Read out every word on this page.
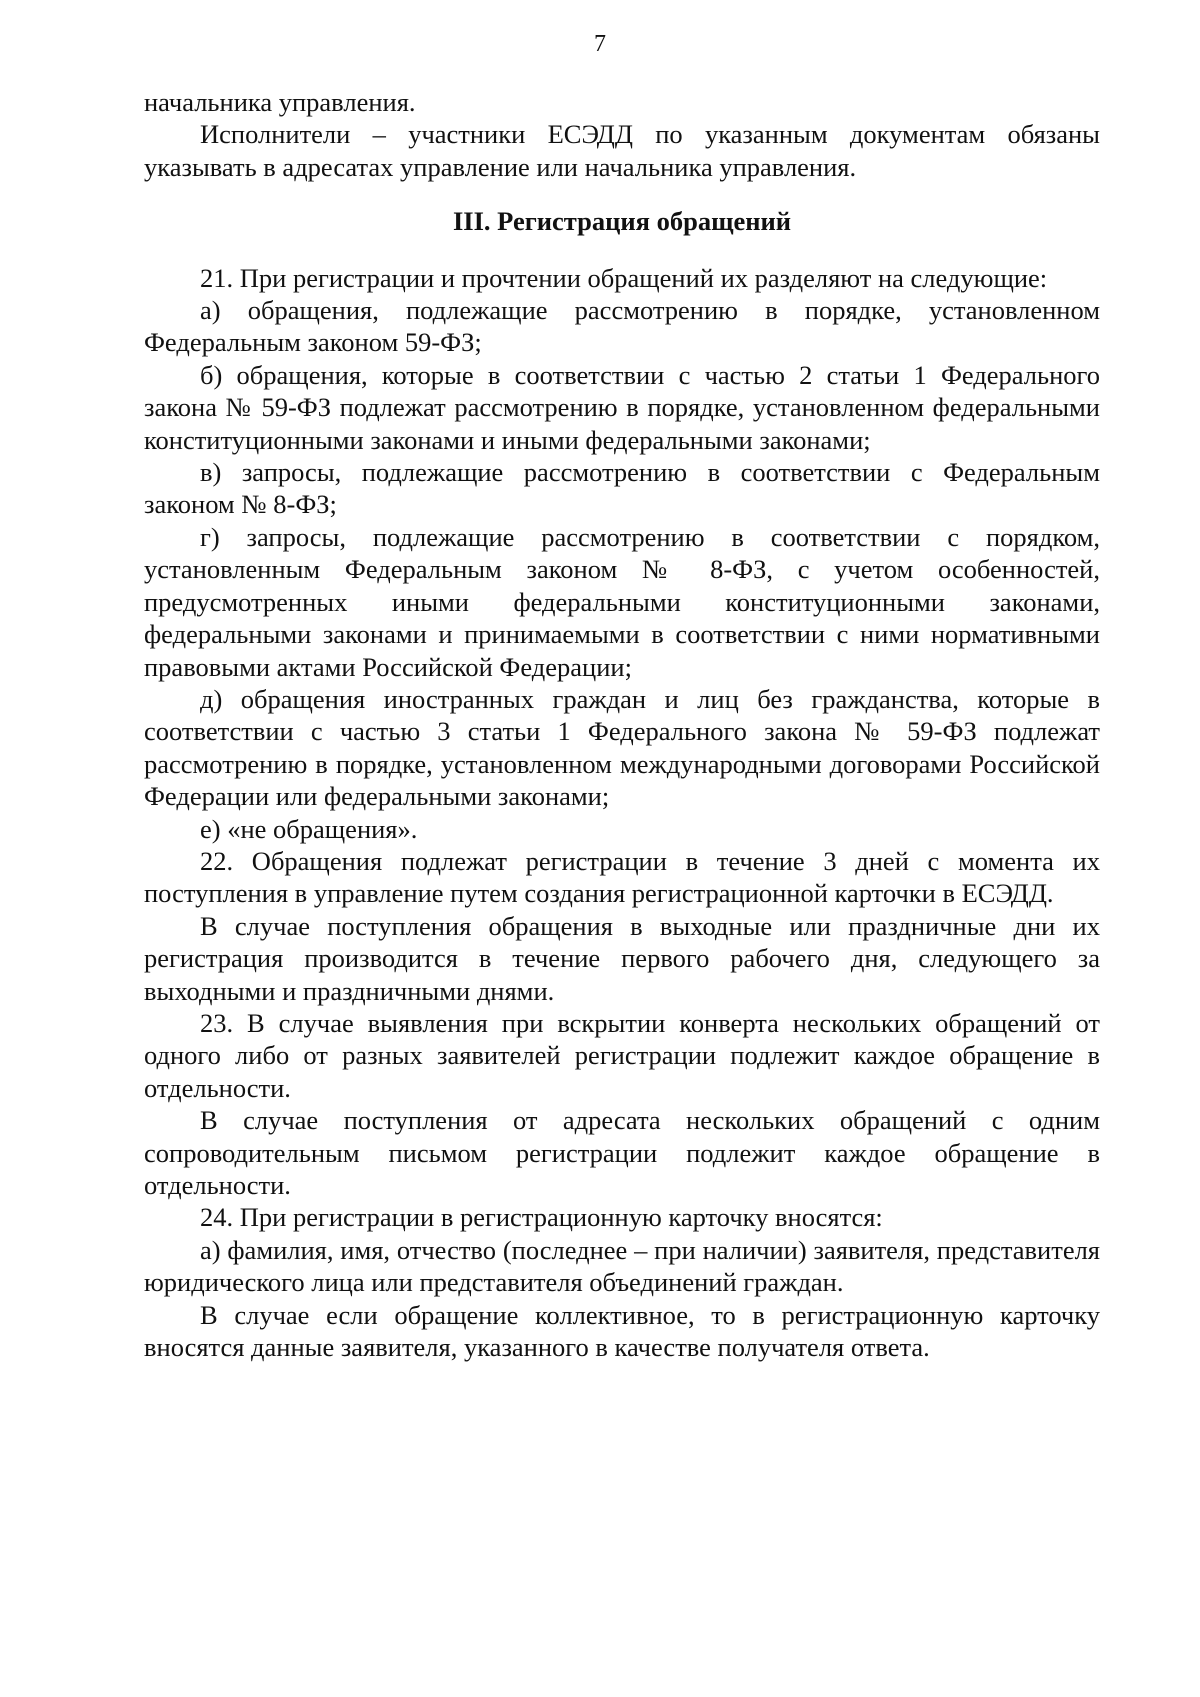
7

начальника управления.

Исполнители – участники ЕСЭДД по указанным документам обязаны указывать в адресатах управление или начальника управления.

III. Регистрация обращений

21. При регистрации и прочтении обращений их разделяют на следующие:

а) обращения, подлежащие рассмотрению в порядке, установленном Федеральным законом 59-ФЗ;

б) обращения, которые в соответствии с частью 2 статьи 1 Федерального закона № 59-ФЗ подлежат рассмотрению в порядке, установленном федеральными конституционными законами и иными федеральными законами;

в) запросы, подлежащие рассмотрению в соответствии с Федеральным законом № 8-ФЗ;

г) запросы, подлежащие рассмотрению в соответствии с порядком, установленным Федеральным законом № 8-ФЗ, с учетом особенностей, предусмотренных иными федеральными конституционными законами, федеральными законами и принимаемыми в соответствии с ними нормативными правовыми актами Российской Федерации;

д) обращения иностранных граждан и лиц без гражданства, которые в соответствии с частью 3 статьи 1 Федерального закона № 59-ФЗ подлежат рассмотрению в порядке, установленном международными договорами Российской Федерации или федеральными законами;

е) «не обращения».

22. Обращения подлежат регистрации в течение 3 дней с момента их поступления в управление путем создания регистрационной карточки в ЕСЭДД.

В случае поступления обращения в выходные или праздничные дни их регистрация производится в течение первого рабочего дня, следующего за выходными и праздничными днями.

23. В случае выявления при вскрытии конверта нескольких обращений от одного либо от разных заявителей регистрации подлежит каждое обращение в отдельности.

В случае поступления от адресата нескольких обращений с одним сопроводительным письмом регистрации подлежит каждое обращение в отдельности.

24. При регистрации в регистрационную карточку вносятся:

а) фамилия, имя, отчество (последнее – при наличии) заявителя, представителя юридического лица или представителя объединений граждан.

В случае если обращение коллективное, то в регистрационную карточку вносятся данные заявителя, указанного в качестве получателя ответа.
